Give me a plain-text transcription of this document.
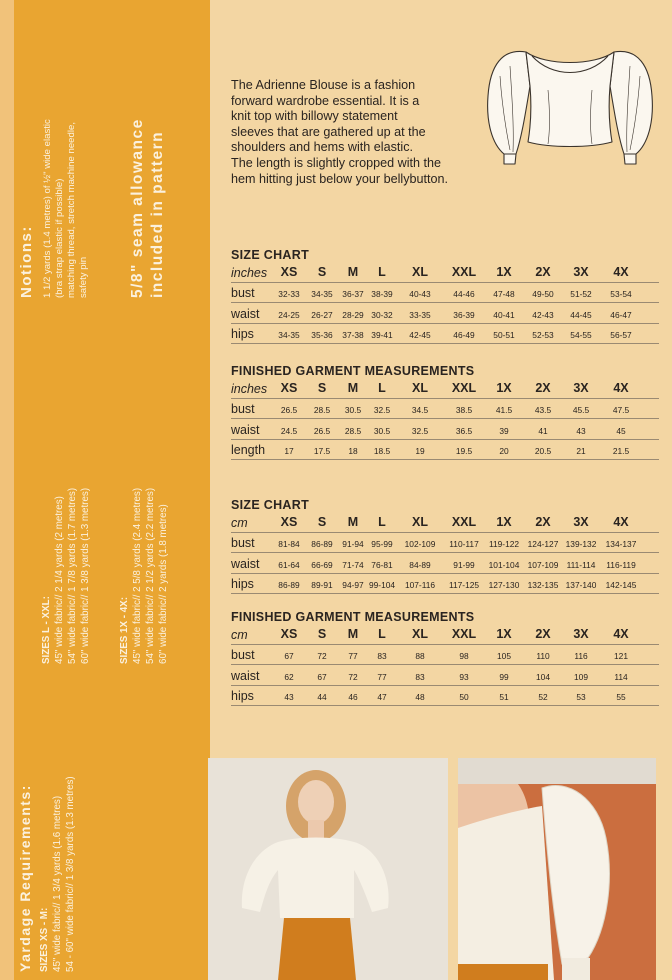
Notions: 1 1/2 yards (1.4 metres) of ½" wide elastic (bra strap elastic if possible) matching thread, stretch machine needle, safety pin	5/8" seam allowance included in pattern
SIZES L - XXL: 45" wide fabric// 2 1/4 yards (2 metres) 54" wide fabric// 1 7/8 yards (1.7 metres) 60" wide fabric// 1 3/8 yards (1.3 metres)	SIZES 1X - 4X: 45" wide fabric// 2 5/8 yards (2.4 metres) 54" wide fabric// 2 1/2 yards (2.2 metres) 60" wide fabric// 2 yards (1.8 metres)
Yardage Requirements: SIZES XS - M: 45" wide fabric// 1 3/4 yards (1.6 metres) 54 - 60" wide fabric// 1 3/8 yards (1.3 metres)
The Adrienne Blouse is a fashion
forward wardrobe essential. It is a
knit top with billowy statement
sleeves that are gathered up at the
shoulders and hems with elastic.
The length is slightly cropped with the
hem hitting just below your bellybutton.
SIZE CHART
inches XS S M L XL XXL 1X 2X 3X 4X
bust	32-33 34-35 36-37 38-39 40-43	44-46 47-48 49-50 51-52 53-54
waist 24-25 26-27 28-29 30-32 33-35	36-39 40-41 42-43 44-45 46-47
hips	34-35 35-36 37-38 39-41 42-45	46-49 50-51 52-53 54-55 56-57
FINISHED GARMENT MEASUREMENTS
inches XS S M L XL XXL 1X 2X 3X 4X
bust	26.5 28.5 30.5 32.5	34.5	38.5	41.5	43.5	45.5	47.5
waist	24.5 26.5 28.5 30.5	32.5	36.5	39	41	43	45
length 17 17.5 18 18.5	19	19.5	20	20.5	21	21.5
SIZE CHART
cm	XS S M L XL XXL 1X 2X 3X 4X
bust	81-84 86-89 91-94 95-99 102-109 110-117 119-122 124-127 139-132 134-137
waist 61-64 66-69 71-74 76-81 84-89	91-99 101-104 107-109 111-114 116-119
hips	86-89 89-91 94-97 99-104 107-116 117-125 127-130 132-135 137-140 142-145
FINISHED GARMENT MEASUREMENTS
cm	XS S M L XL XXL 1X 2X 3X 4X
bust	67	72	77 83	88	98	105	110	116	121
waist	62	67	72 77	83	93	99	104	109	114
hips	43	44	46 47	48	50	51	52	53	55
